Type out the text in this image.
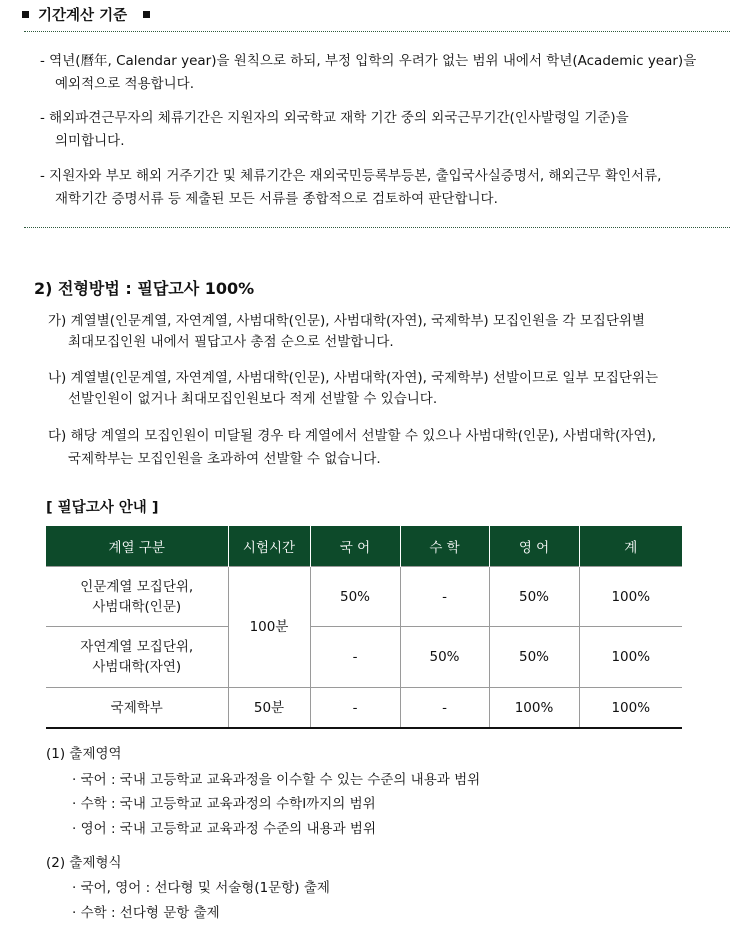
기간계산 기준
- 역년(曆年, Calendar year)을 원칙으로 하되, 부정 입학의 우려가 없는 범위 내에서 학년(Academic year)을
예외적으로 적용합니다.
- 해외파견근무자의 체류기간은 지원자의 외국학교 재학 기간 중의 외국근무기간(인사발령일 기준)을
의미합니다.
- 지원자와 부모 해외 거주기간 및 체류기간은 재외국민등록부등본, 출입국사실증명서, 해외근무 확인서류,
재학기간 증명서류 등 제출된 모든 서류를 종합적으로 검토하여 판단합니다.
2) 전형방법 : 필답고사 100%
가) 계열별(인문계열, 자연계열, 사범대학(인문), 사범대학(자연), 국제학부) 모집인원을 각 모집단위별
최대모집인원 내에서 필답고사 총점 순으로 선발합니다.
나) 계열별(인문계열, 자연계열, 사범대학(인문), 사범대학(자연), 국제학부) 선발이므로 일부 모집단위는
선발인원이 없거나 최대모집인원보다 적게 선발할 수 있습니다.
다) 해당 계열의 모집인원이 미달될 경우 타 계열에서 선발할 수 있으나 사범대학(인문), 사범대학(자연),
국제학부는 모집인원을 초과하여 선발할 수 없습니다.
[ 필답고사 안내 ]
계열 구분	시험시간	국 어	수 학	영 어	계

인문계열 모집단위,
사범대학(인문)	100분	50%	-	50%	100%

자연계열 모집단위,
사범대학(자연)		-	50%	50%	100%
국제학부	50분	-	-	100%	100%
(1) 출제영역
· 국어 : 국내 고등학교 교육과정을 이수할 수 있는 수준의 내용과 범위
· 수학 : 국내 고등학교 교육과정의 수학Ⅰ까지의 범위
· 영어 : 국내 고등학교 교육과정 수준의 내용과 범위
(2) 출제형식
· 국어, 영어 : 선다형 및 서술형(1문항) 출제
· 수학 : 선다형 문항 출제
